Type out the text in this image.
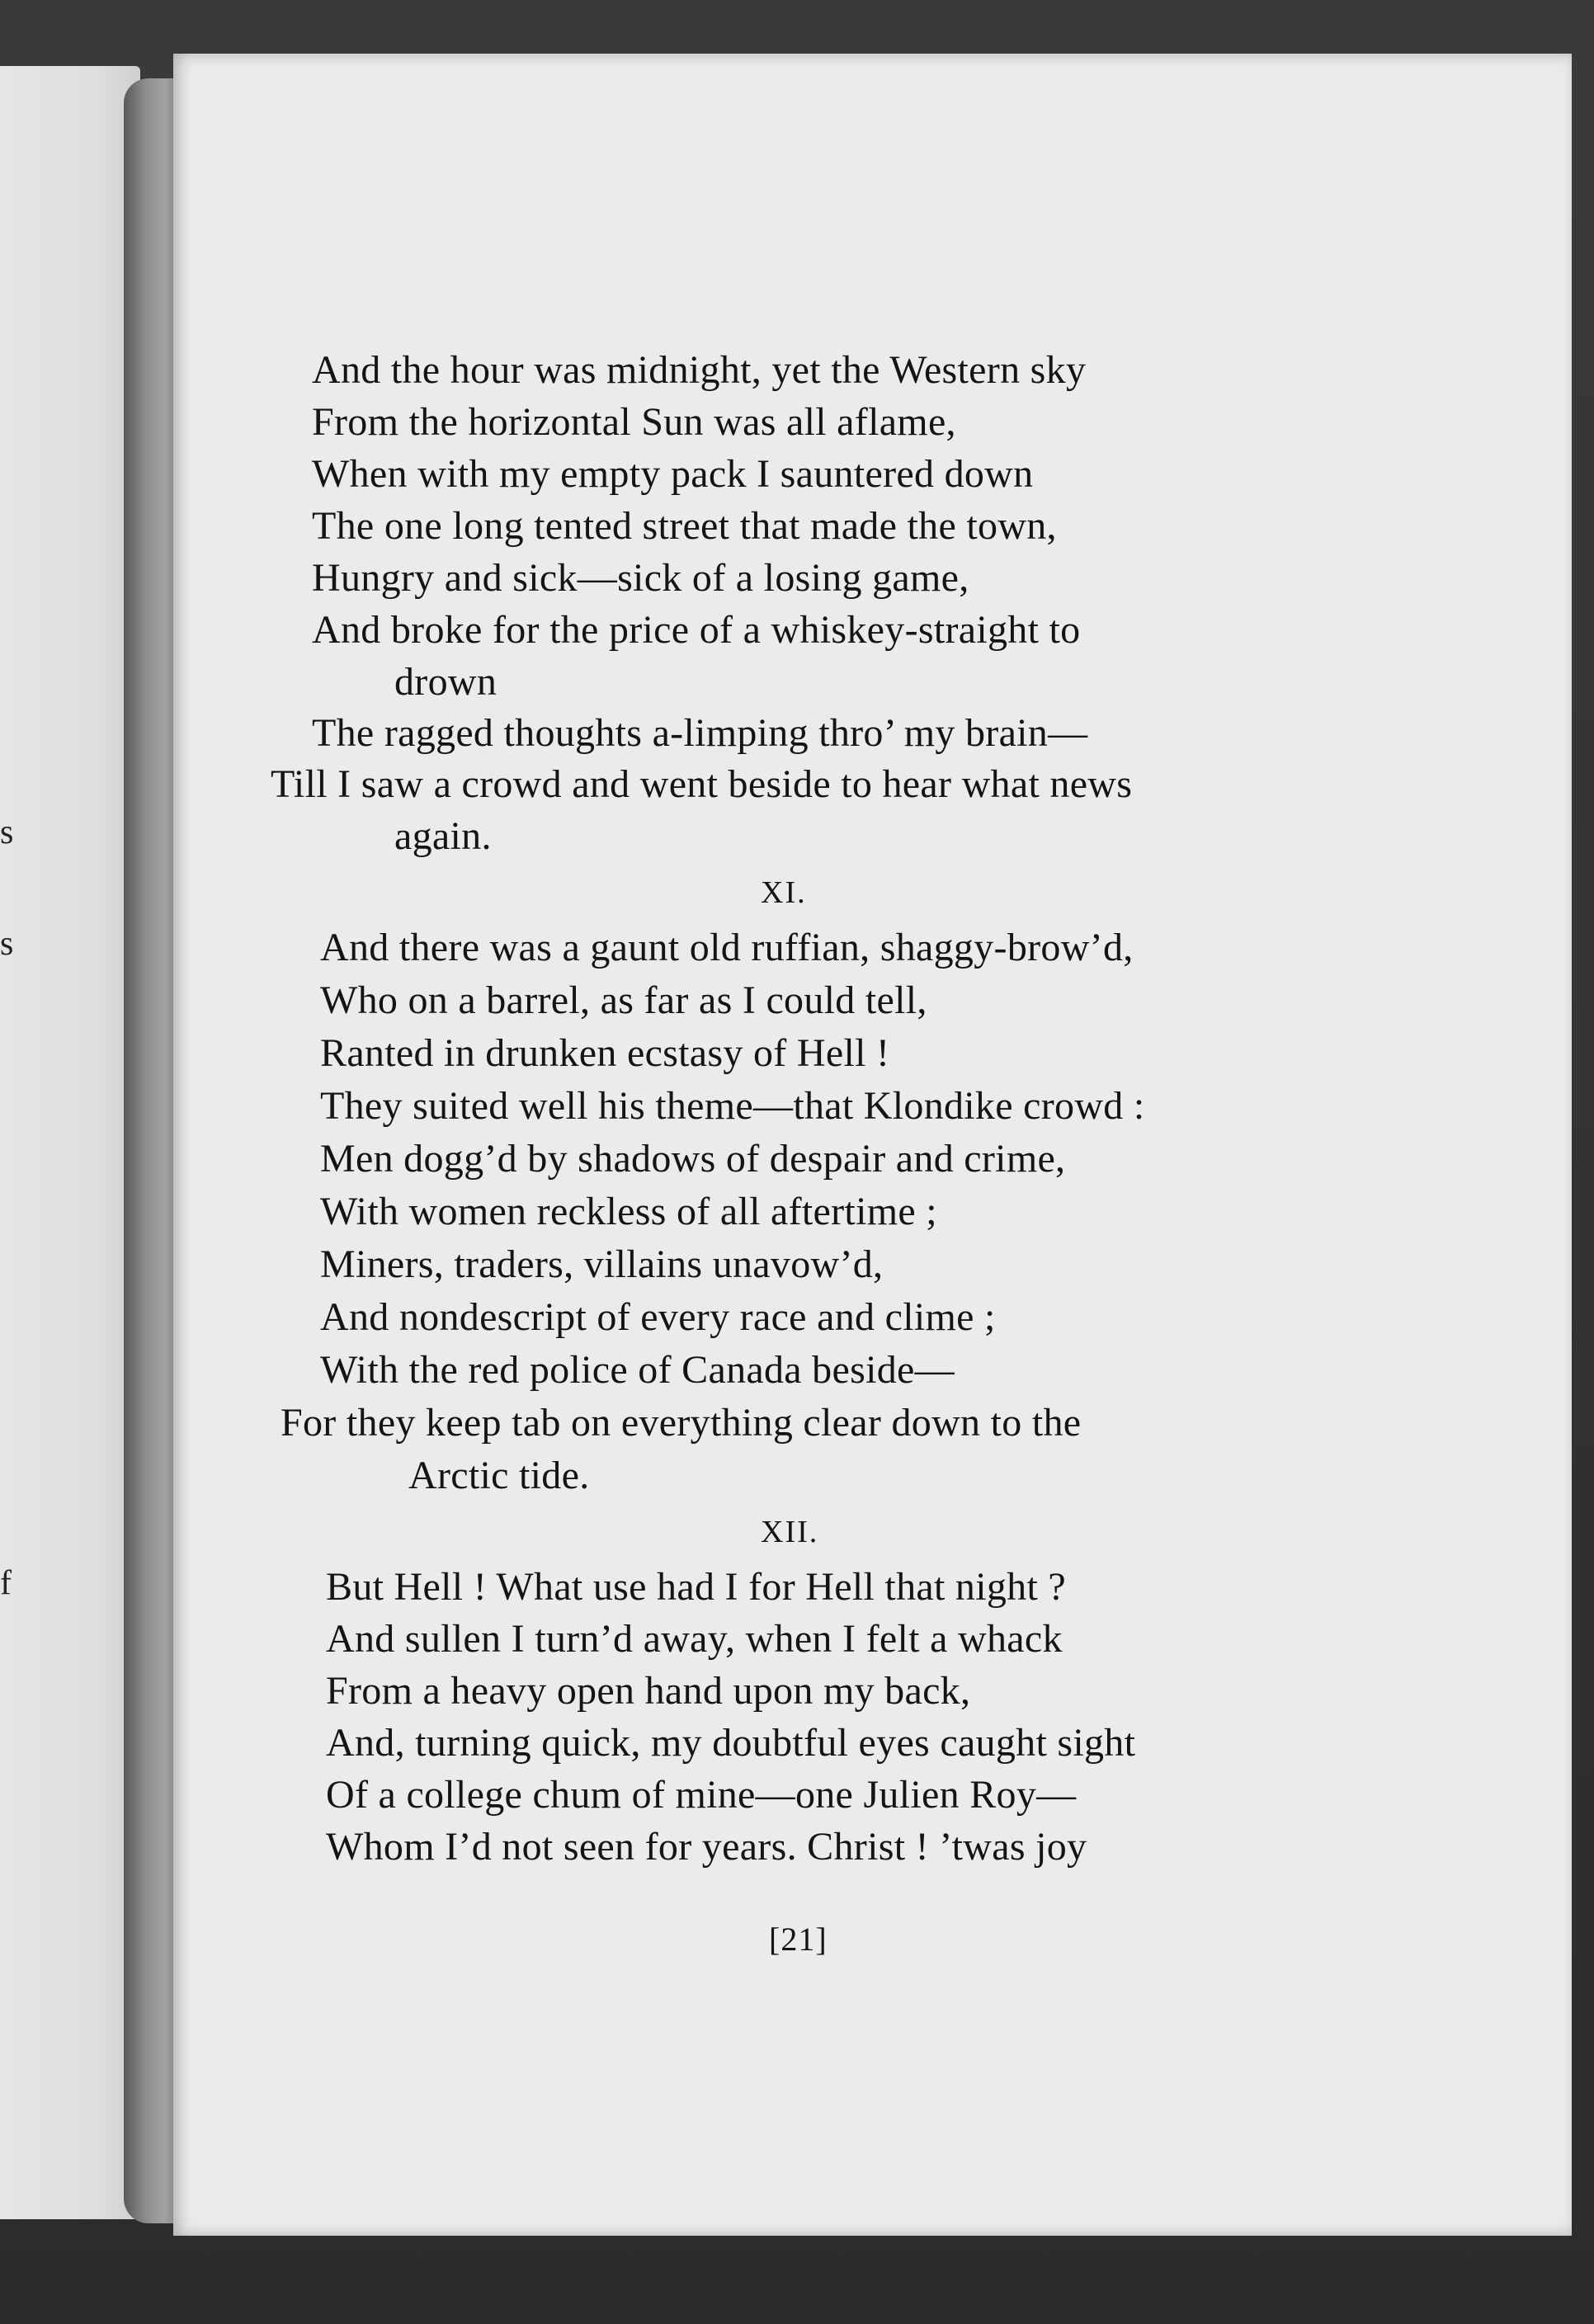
s
s
f
And the hour was midnight, yet the Western sky
From the horizontal Sun was all aflame,
When with my empty pack I sauntered down
The one long tented street that made the town,
Hungry and sick—sick of a losing game,
And broke for the price of a whiskey-straight to
drown
The ragged thoughts a-limping thro’ my brain—
Till I saw a crowd and went beside to hear what news
again.
XI.
And there was a gaunt old ruffian, shaggy-brow’d,
Who on a barrel, as far as I could tell,
Ranted in drunken ecstasy of Hell !
They suited well his theme—that Klondike crowd :
Men dogg’d by shadows of despair and crime,
With women reckless of all aftertime ;
Miners, traders, villains unavow’d,
And nondescript of every race and clime ;
With the red police of Canada beside—
For they keep tab on everything clear down to the
Arctic tide.
XII.
But Hell ! What use had I for Hell that night ?
And sullen I turn’d away, when I felt a whack
From a heavy open hand upon my back,
And, turning quick, my doubtful eyes caught sight
Of a college chum of mine—one Julien Roy—
Whom I’d not seen for years. Christ ! ’twas joy
[21]
